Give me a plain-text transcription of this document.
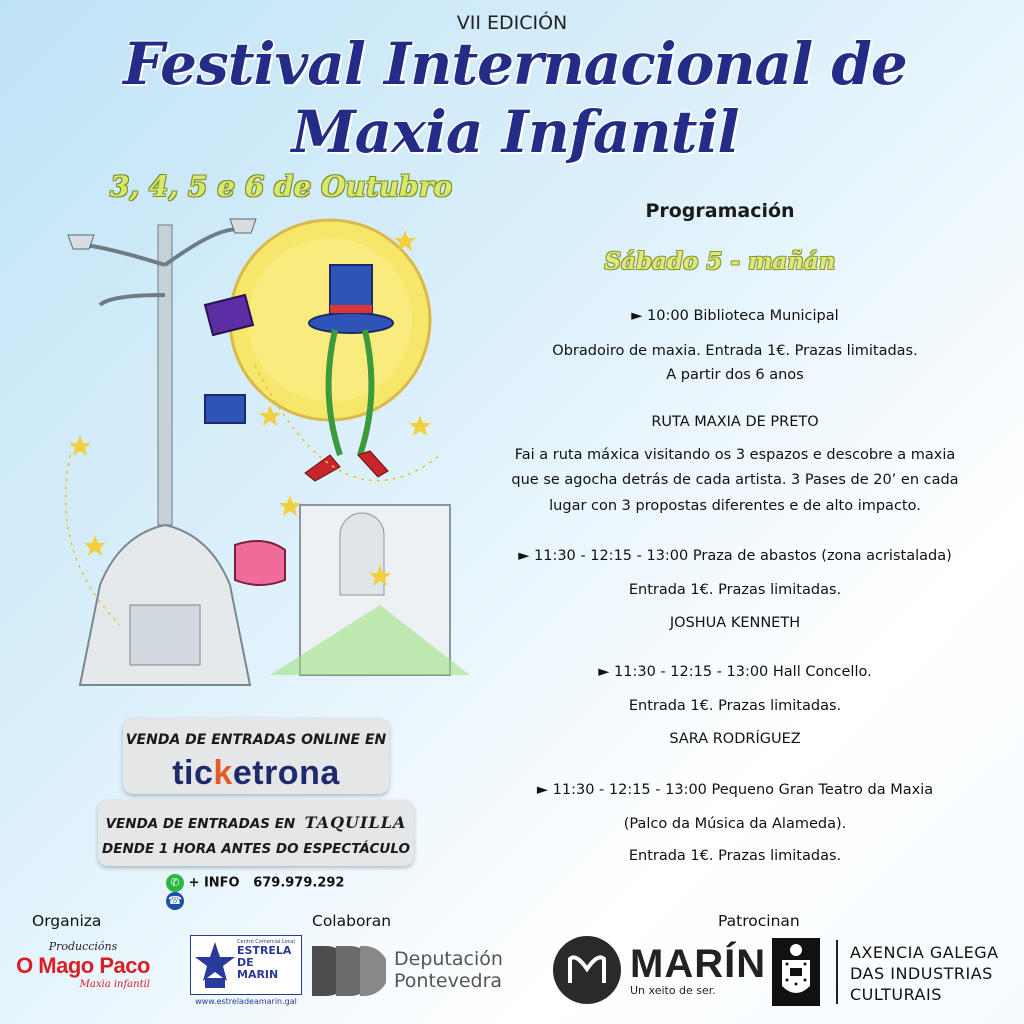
VII EDICIÓN
Festival Internacional de Maxia Infantil
3, 4, 5 e 6 de Outubro
VENDA DE ENTRADAS ONLINE EN
ticketrona
VENDA DE ENTRADAS EN TAQUILLA
DENDE 1 HORA ANTES DO ESPECTÁCULO
✆ + INFO 679.979.292 ☎
Programación
Sábado 5 - mañán
► 10:00 Biblioteca Municipal
Obradoiro de maxia. Entrada 1€. Prazas limitadas.
A partir dos 6 anos
RUTA MAXIA DE PRETO
Fai a ruta máxica visitando os 3 espazos e descobre a maxia
que se agocha detrás de cada artista. 3 Pases de 20’ en cada
lugar con 3 propostas diferentes e de alto impacto.
► 11:30 - 12:15 - 13:00 Praza de abastos (zona acristalada)
Entrada 1€. Prazas limitadas.
JOSHUA KENNETH
► 11:30 - 12:15 - 13:00 Hall Concello.
Entrada 1€. Prazas limitadas.
SARA RODRÍGUEZ
► 11:30 - 12:15 - 13:00 Pequeno Gran Teatro da Maxia
(Palco da Música da Alameda).
Entrada 1€. Prazas limitadas.
Organiza	Colaboran	Patrocinan
Produccións
O Mago Paco
Maxia infantil
Centro Comercial Local
ESTRELA
DE
MARIN
www.estreladeamarin.gal
Deputación
Pontevedra	MARÍN
Un xeito de ser.
AXENCIA GALEGA
DAS INDUSTRIAS
CULTURAIS
